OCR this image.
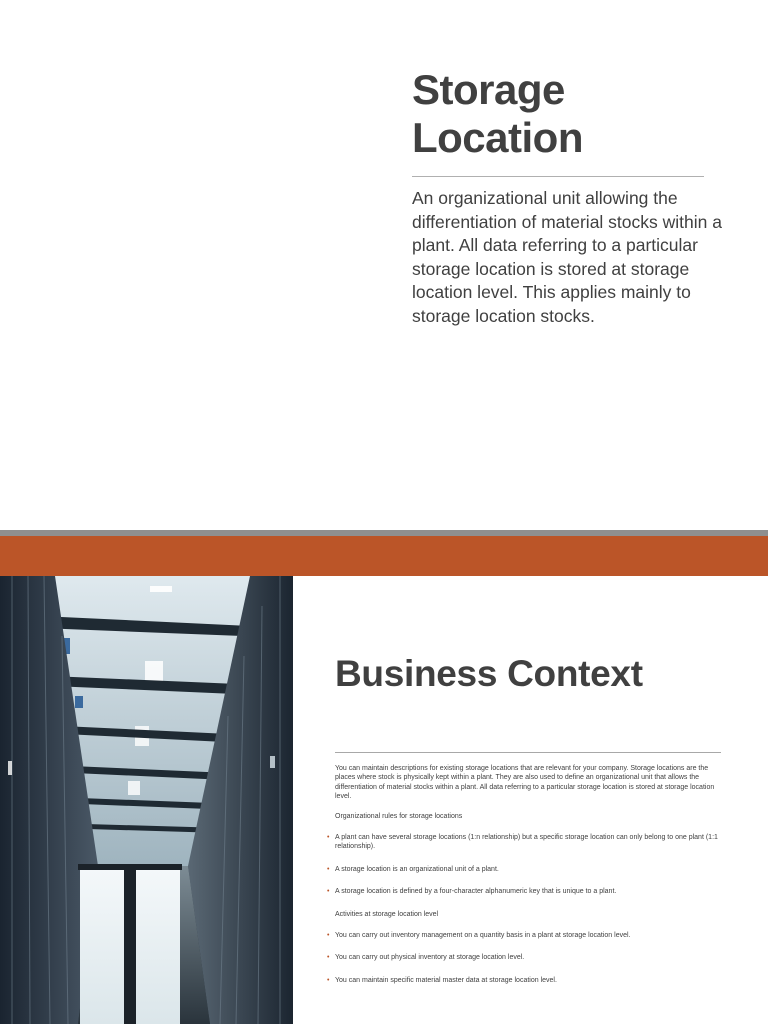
Storage
Location

An organizational unit allowing the differentiation of material stocks within a plant. All data referring to a particular storage location is stored at storage location level. This applies mainly to storage location stocks.

Business Context

You can maintain descriptions for existing storage locations that are relevant for your company. Storage locations are the places where stock is physically kept within a plant. They are also used to define an organizational unit that allows the differentiation of material stocks within a plant. All data referring to a particular storage location is stored at storage location level.

Organizational rules for storage locations

• A plant can have several storage locations (1:n relationship) but a specific storage location can only belong to one plant (1:1 relationship).
• A storage location is an organizational unit of a plant.
• A storage location is defined by a four-character alphanumeric key that is unique to a plant.

Activities at storage location level

• You can carry out inventory management on a quantity basis in a plant at storage location level.
• You can carry out physical inventory at storage location level.
• You can maintain specific material master data at storage location level.
